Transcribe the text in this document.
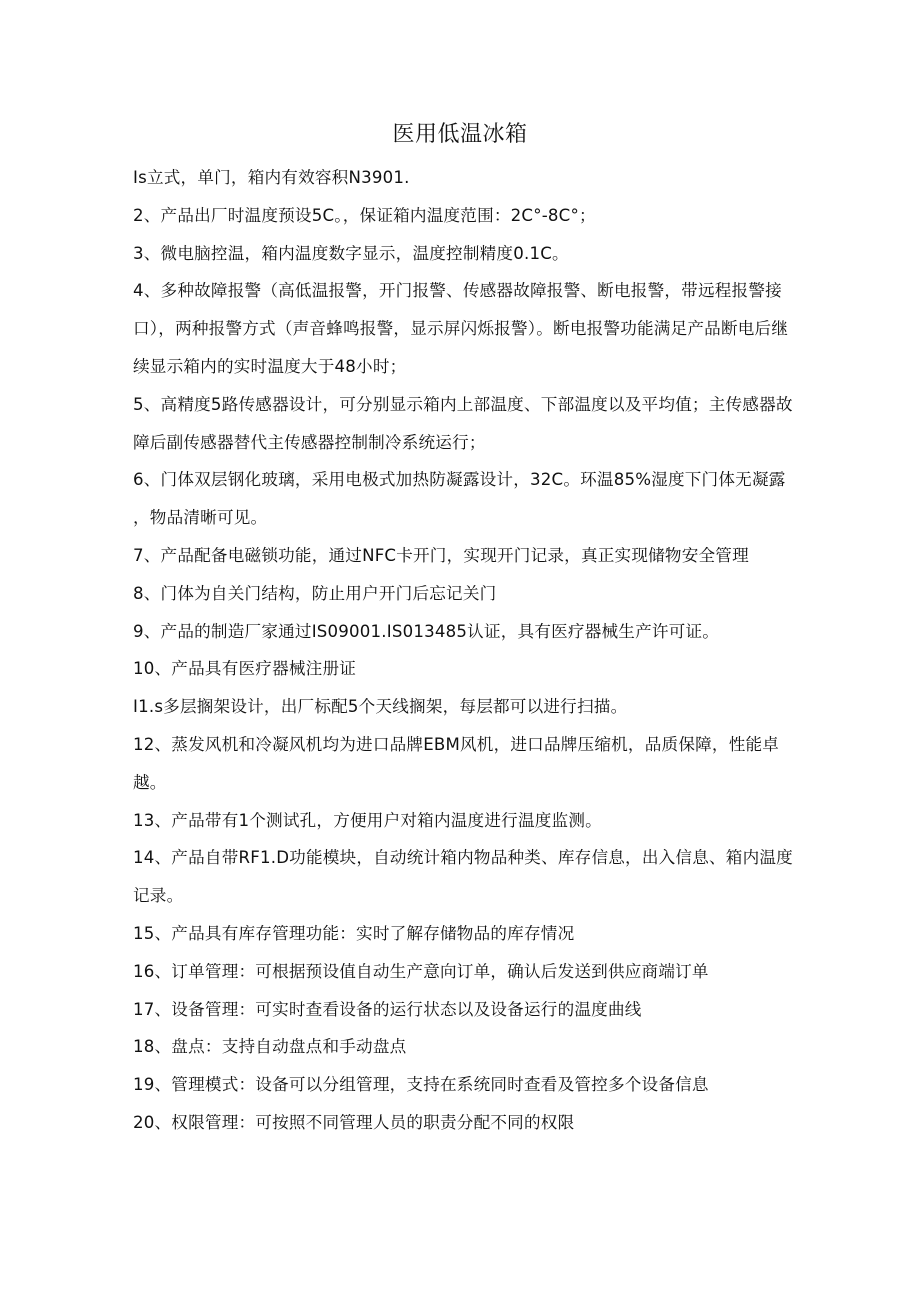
医用低温冰箱

Is立式，单门，箱内有效容积N3901.

2、产品出厂时温度预设5C。，保证箱内温度范围：2C°-8C°；

3、微电脑控温，箱内温度数字显示，温度控制精度0.1C。

4、多种故障报警（高低温报警，开门报警、传感器故障报警、断电报警，带远程报警接口），两种报警方式（声音蜂鸣报警，显示屏闪烁报警）。断电报警功能满足产品断电后继续显示箱内的实时温度大于48小时；

5、高精度5路传感器设计，可分别显示箱内上部温度、下部温度以及平均值；主传感器故障后副传感器替代主传感器控制制冷系统运行；

6、门体双层钢化玻璃，采用电极式加热防凝露设计，32C。环温85%湿度下门体无凝露，物品清晰可见。

7、产品配备电磁锁功能，通过NFC卡开门，实现开门记录，真正实现储物安全管理

8、门体为自关门结构，防止用户开门后忘记关门

9、产品的制造厂家通过IS09001.IS013485认证，具有医疗器械生产许可证。

10、产品具有医疗器械注册证

I1.s多层搁架设计，出厂标配5个天线搁架，每层都可以进行扫描。

12、蒸发风机和冷凝风机均为进口品牌EBM风机，进口品牌压缩机，品质保障，性能卓越。

13、产品带有1个测试孔，方便用户对箱内温度进行温度监测。

14、产品自带RF1.D功能模块，自动统计箱内物品种类、库存信息，出入信息、箱内温度记录。

15、产品具有库存管理功能：实时了解存储物品的库存情况

16、订单管理：可根据预设值自动生产意向订单，确认后发送到供应商端订单

17、设备管理：可实时查看设备的运行状态以及设备运行的温度曲线

18、盘点：支持自动盘点和手动盘点

19、管理模式：设备可以分组管理，支持在系统同时查看及管控多个设备信息

20、权限管理：可按照不同管理人员的职责分配不同的权限
